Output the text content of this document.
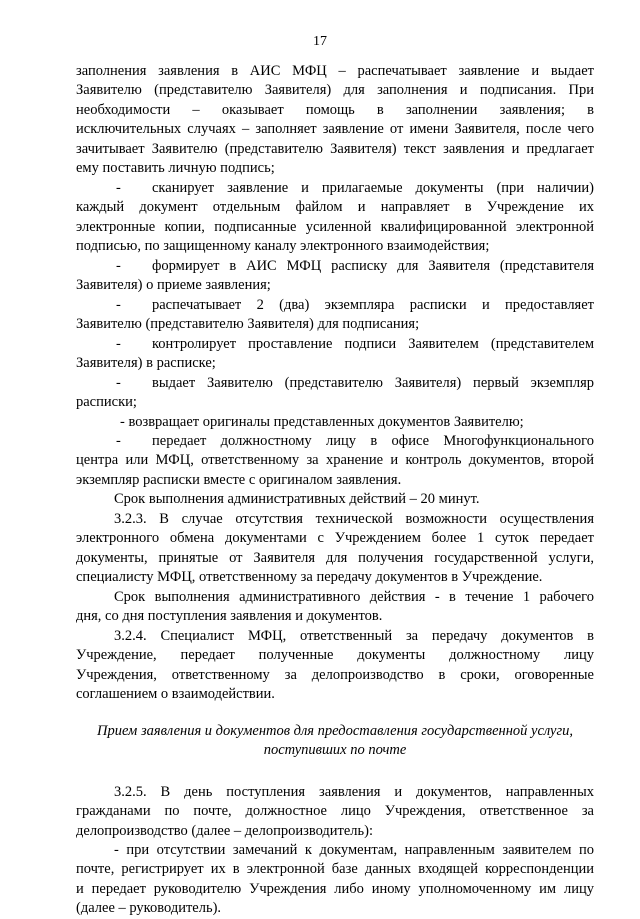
17
заполнения заявления в АИС МФЦ – распечатывает заявление и выдает
Заявителю (представителю Заявителя) для заполнения и подписания. При
необходимости – оказывает помощь в заполнении заявления; в
исключительных случаях – заполняет заявление от имени Заявителя, после чего
зачитывает Заявителю (представителю Заявителя) текст заявления и предлагает
ему поставить личную подпись;
- сканирует заявление и прилагаемые документы (при наличии)
каждый документ отдельным файлом и направляет в Учреждение их
электронные копии, подписанные усиленной квалифицированной электронной
подписью, по защищенному каналу электронного взаимодействия;
- формирует в АИС МФЦ расписку для Заявителя (представителя
Заявителя) о приеме заявления;
- распечатывает 2 (два) экземпляра расписки и предоставляет
Заявителю (представителю Заявителя) для подписания;
- контролирует проставление подписи Заявителем (представителем
Заявителя) в расписке;
- выдает Заявителю (представителю Заявителя) первый экземпляр
расписки;
- возвращает оригиналы представленных документов Заявителю;
- передает должностному лицу в офисе Многофункционального
центра или МФЦ, ответственному за хранение и контроль документов, второй
экземпляр расписки вместе с оригиналом заявления.
Срок выполнения административных действий – 20 минут.
3.2.3. В случае отсутствия технической возможности осуществления
электронного обмена документами с Учреждением более 1 суток передает
документы, принятые от Заявителя для получения государственной услуги,
специалисту МФЦ, ответственному за передачу документов в Учреждение.
Срок выполнения административного действия - в течение 1 рабочего
дня, со дня поступления заявления и документов.
3.2.4. Специалист МФЦ, ответственный за передачу документов в
Учреждение, передает полученные документы должностному лицу
Учреждения, ответственному за делопроизводство в сроки, оговоренные
соглашением о взаимодействии.
Прием заявления и документов для предоставления государственной услуги,
поступивших по почте
3.2.5. В день поступления заявления и документов, направленных
гражданами по почте, должностное лицо Учреждения, ответственное за
делопроизводство (далее – делопроизводитель):
- при отсутствии замечаний к документам, направленным заявителем по
почте, регистрирует их в электронной базе данных входящей корреспонденции
и передает руководителю Учреждения либо иному уполномоченному им лицу
(далее – руководитель).
